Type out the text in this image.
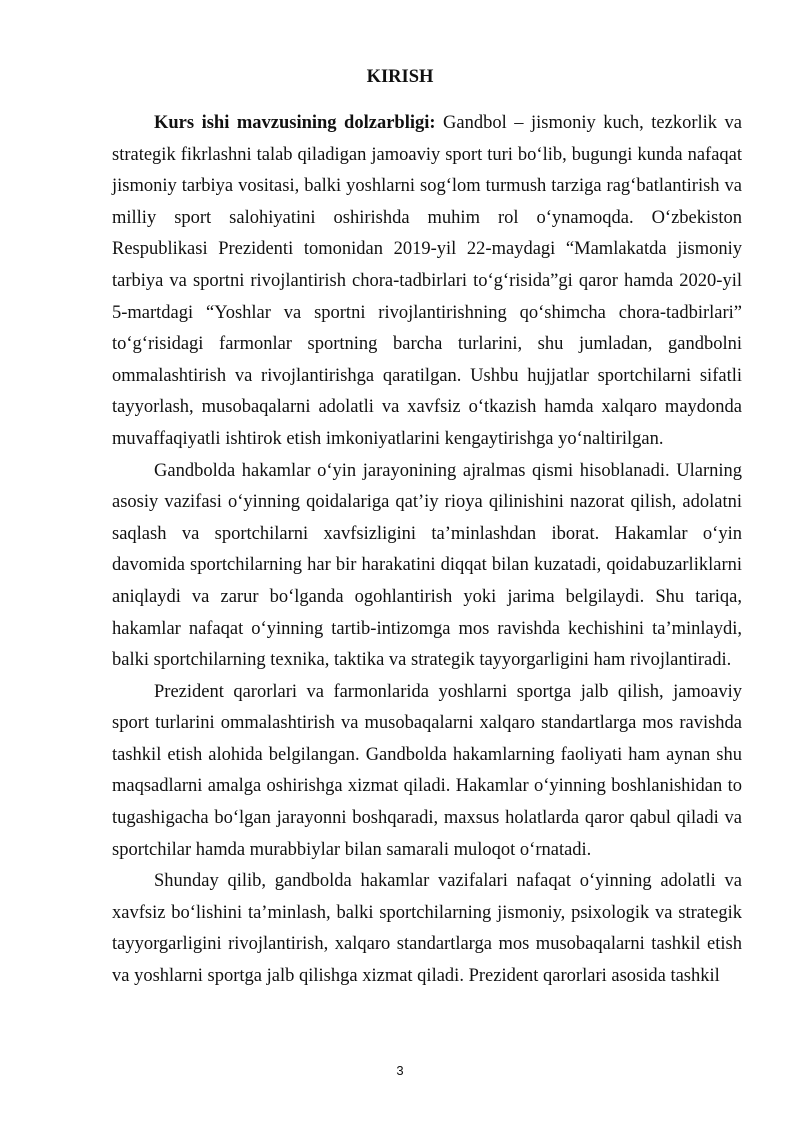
KIRISH

Kurs ishi mavzusining dolzarbligi: Gandbol – jismoniy kuch, tezkorlik va strategik fikrlashni talab qiladigan jamoaviy sport turi bo‘lib, bugungi kunda nafaqat jismoniy tarbiya vositasi, balki yoshlarni sog‘lom turmush tarziga rag‘batlantirish va milliy sport salohiyatini oshirishda muhim rol o‘ynamoqda. O‘zbekiston Respublikasi Prezidenti tomonidan 2019-yil 22-maydagi “Mamlakatda jismoniy tarbiya va sportni rivojlantirish chora-tadbirlari to‘g‘risida”gi qaror hamda 2020-yil 5-martdagi “Yoshlar va sportni rivojlantirishning qo‘shimcha chora-tadbirlari” to‘g‘risidagi farmonlar sportning barcha turlarini, shu jumladan, gandbolni ommalashtirish va rivojlantirishga qaratilgan. Ushbu hujjatlar sportchilarni sifatli tayyorlash, musobaqalarni adolatli va xavfsiz o‘tkazish hamda xalqaro maydonda muvaffaqiyatli ishtirok etish imkoniyatlarini kengaytirishga yo‘naltirilgan.

Gandbolda hakamlar o‘yin jarayonining ajralmas qismi hisoblanadi. Ularning asosiy vazifasi o‘yinning qoidalariga qat’iy rioya qilinishini nazorat qilish, adolatni saqlash va sportchilarni xavfsizligini ta’minlashdan iborat. Hakamlar o‘yin davomida sportchilarning har bir harakatini diqqat bilan kuzatadi, qoidabuzarliklarni aniqlaydi va zarur bo‘lganda ogohlantirish yoki jarima belgilaydi. Shu tariqa, hakamlar nafaqat o‘yinning tartib-intizomga mos ravishda kechishini ta’minlaydi, balki sportchilarning texnika, taktika va strategik tayyorgarligini ham rivojlantiradi.

Prezident qarorlari va farmonlarida yoshlarni sportga jalb qilish, jamoaviy sport turlarini ommalashtirish va musobaqalarni xalqaro standartlarga mos ravishda tashkil etish alohida belgilangan. Gandbolda hakamlarning faoliyati ham aynan shu maqsadlarni amalga oshirishga xizmat qiladi. Hakamlar o‘yinning boshlanishidan to tugashigacha bo‘lgan jarayonni boshqaradi, maxsus holatlarda qaror qabul qiladi va sportchilar hamda murabbiylar bilan samarali muloqot o‘rnatadi.

Shunday qilib, gandbolda hakamlar vazifalari nafaqat o‘yinning adolatli va xavfsiz bo‘lishini ta’minlash, balki sportchilarning jismoniy, psixologik va strategik tayyorgarligini rivojlantirish, xalqaro standartlarga mos musobaqalarni tashkil etish va yoshlarni sportga jalb qilishga xizmat qiladi. Prezident qarorlari asosida tashkil

3
